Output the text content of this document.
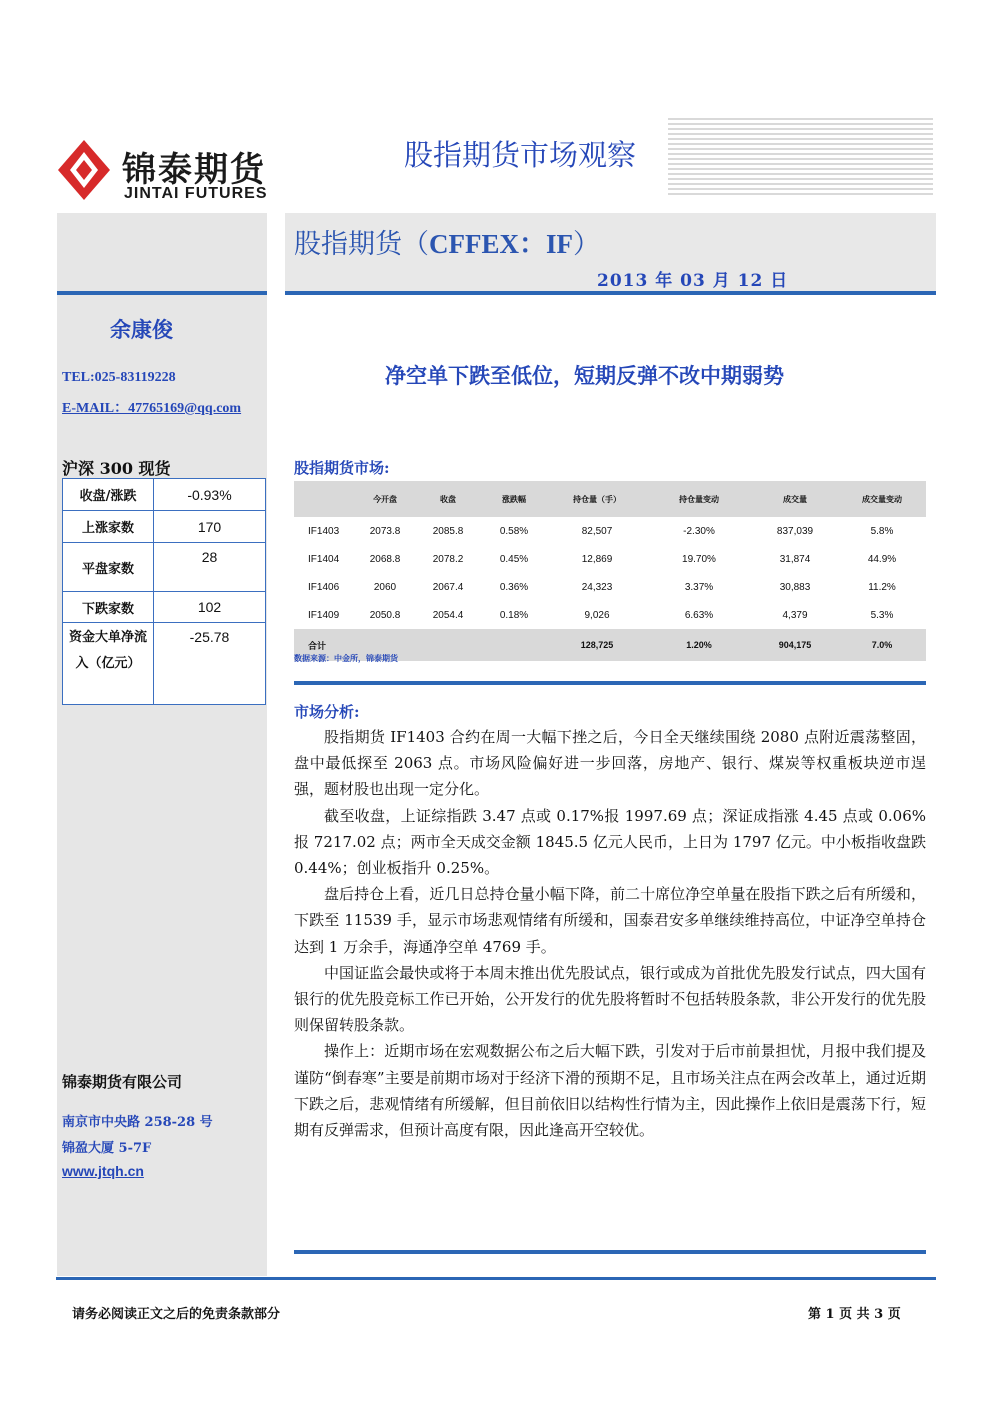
锦泰期货
JINTAI FUTURES
股指期货市场观察
股指期货（CFFEX：IF）
2013 年 03 月 12 日
余康俊
TEL:025-83119228
E-MAIL：47765169@qq.com
净空单下跌至低位，短期反弹不改中期弱势
沪深 300 现货
收盘/涨跌	-0.93%
上涨家数	170
平盘家数	28
下跌家数	102
资金大单净流入（亿元）	-25.78
股指期货市场:
	今开盘	收盘	涨跌幅	持仓量（手）	持仓量变动	成交量	成交量变动
IF1403	2073.8	2085.8	0.58%	82,507	-2.30%	837,039	5.8%
IF1404	2068.8	2078.2	0.45%	12,869	19.70%	31,874	44.9%
IF1406	2060	2067.4	0.36%	24,323	3.37%	30,883	11.2%
IF1409	2050.8	2054.4	0.18%	9,026	6.63%	4,379	5.3%
合计				128,725	1.20%	904,175	7.0%
数据来源：中金所，锦泰期货
市场分析:

股指期货 IF1403 合约在周一大幅下挫之后，今日全天继续围绕 2080 点附近震荡整固，盘中最低探至 2063 点。市场风险偏好进一步回落，房地产、银行、煤炭等权重板块逆市逞强，题材股也出现一定分化。

截至收盘，上证综指跌 3.47 点或 0.17%报 1997.69 点；深证成指涨 4.45 点或 0.06%报 7217.02 点；两市全天成交金额 1845.5 亿元人民币，上日为 1797 亿元。中小板指收盘跌 0.44%；创业板指升 0.25%。

盘后持仓上看，近几日总持仓量小幅下降，前二十席位净空单量在股指下跌之后有所缓和，下跌至 11539 手，显示市场悲观情绪有所缓和，国泰君安多单继续维持高位，中证净空单持仓达到 1 万余手，海通净空单 4769 手。

中国证监会最快或将于本周末推出优先股试点，银行或成为首批优先股发行试点，四大国有银行的优先股竞标工作已开始，公开发行的优先股将暂时不包括转股条款，非公开发行的优先股则保留转股条款。

操作上：近期市场在宏观数据公布之后大幅下跌，引发对于后市前景担忧，月报中我们提及谨防“倒春寒”主要是前期市场对于经济下滑的预期不足，且市场关注点在两会改革上，通过近期下跌之后，悲观情绪有所缓解，但目前依旧以结构性行情为主，因此操作上依旧是震荡下行，短期有反弹需求，但预计高度有限，因此逢高开空较优。

锦泰期货有限公司
南京市中央路 258-28 号
锦盈大厦 5-7F
www.jtqh.cn
请务必阅读正文之后的免责条款部分	第 1 页 共 3 页
